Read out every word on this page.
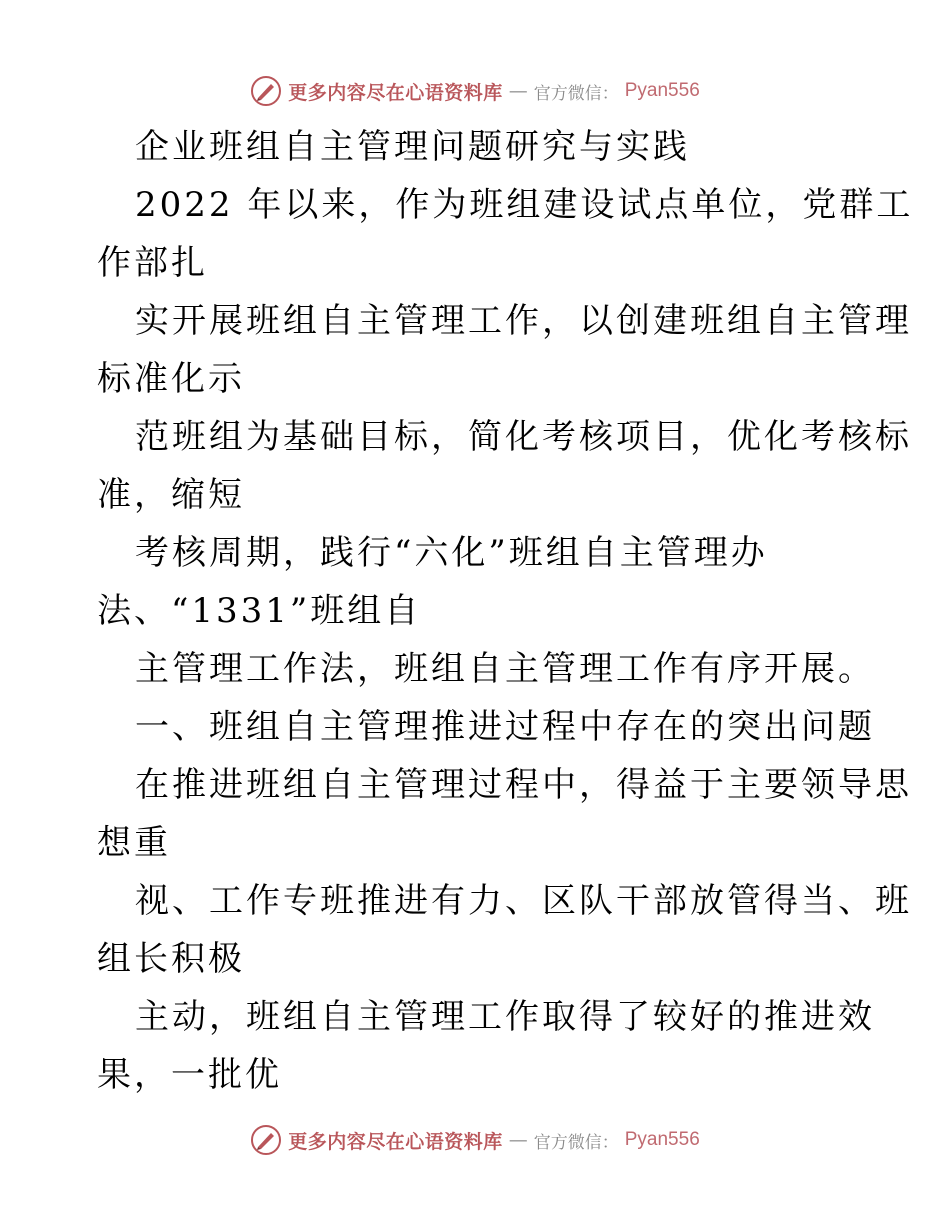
更多内容尽在心语资料库 — 官方微信： Pyan556
企业班组自主管理问题研究与实践
2022 年以来，作为班组建设试点单位，党群工
作部扎
实开展班组自主管理工作，以创建班组自主管理
标准化示
范班组为基础目标，简化考核项目，优化考核标
准，缩短
考核周期，践行“六化”班组自主管理办
法、“1331”班组自
主管理工作法，班组自主管理工作有序开展。
一、班组自主管理推进过程中存在的突出问题
在推进班组自主管理过程中，得益于主要领导思
想重
视、工作专班推进有力、区队干部放管得当、班
组长积极
主动，班组自主管理工作取得了较好的推进效
果，一批优
更多内容尽在心语资料库 — 官方微信： Pyan556
